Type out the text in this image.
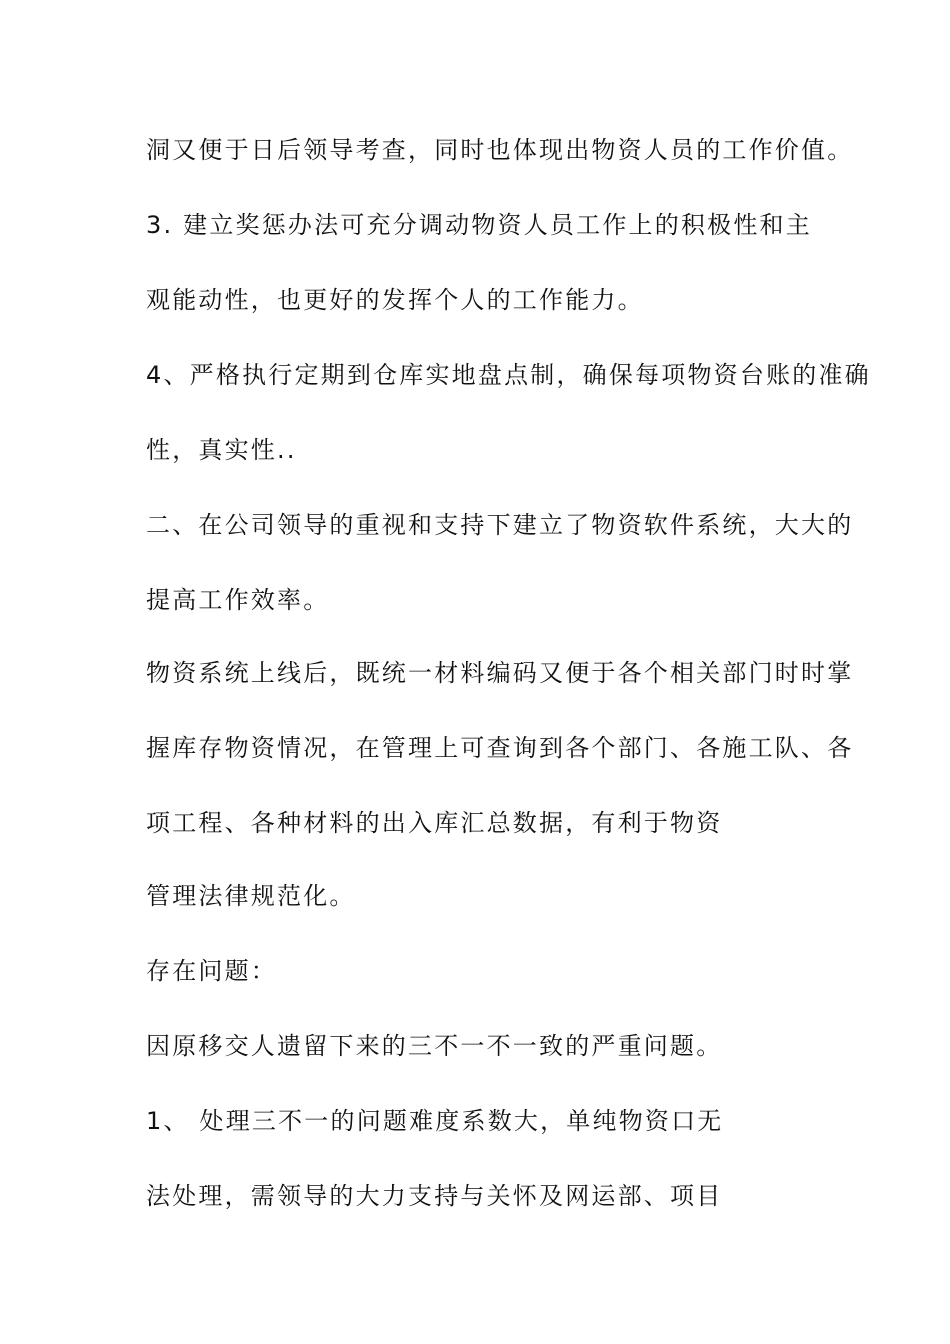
洞又便于日后领导考查，同时也体现出物资人员的工作价值。
3. 建立奖惩办法可充分调动物资人员工作上的积极性和主
观能动性，也更好的发挥个人的工作能力。
4、严格执行定期到仓库实地盘点制，确保每项物资台账的准确
性，真实性..
二、在公司领导的重视和支持下建立了物资软件系统，大大的
提高工作效率。
物资系统上线后，既统一材料编码又便于各个相关部门时时掌
握库存物资情况，在管理上可查询到各个部门、各施工队、各
项工程、各种材料的出入库汇总数据，有利于物资
管理法律规范化。
存在问题：
因原移交人遗留下来的三不一不一致的严重问题。
1、 处理三不一的问题难度系数大，单纯物资口无
法处理，需领导的大力支持与关怀及网运部、项目
